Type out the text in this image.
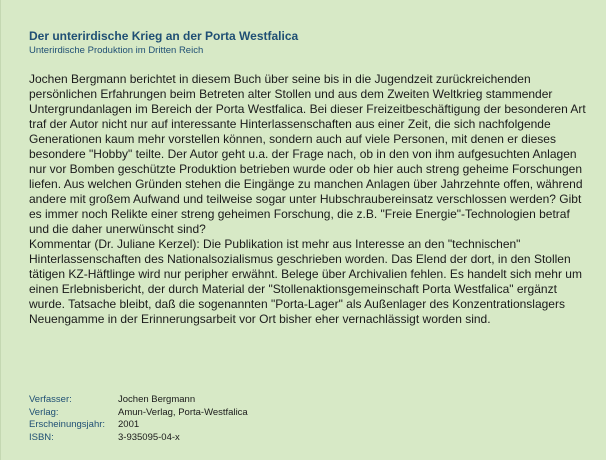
Der unterirdische Krieg an der Porta Westfalica
Unterirdische Produktion im Dritten Reich

Jochen Bergmann berichtet in diesem Buch über seine bis in die Jugendzeit zurückreichenden persönlichen Erfahrungen beim Betreten alter Stollen und aus dem Zweiten Weltkrieg stammender Untergrundanlagen im Bereich der Porta Westfalica. Bei dieser Freizeitbeschäftigung der besonderen Art traf der Autor nicht nur auf interessante Hinterlassenschaften aus einer Zeit, die sich nachfolgende Generationen kaum mehr vorstellen können, sondern auch auf viele Personen, mit denen er dieses besondere "Hobby" teilte. Der Autor geht u.a. der Frage nach, ob in den von ihm aufgesuchten Anlagen nur vor Bomben geschützte Produktion betrieben wurde oder ob hier auch streng geheime Forschungen liefen. Aus welchen Gründen stehen die Eingänge zu manchen Anlagen über Jahrzehnte offen, während andere mit großem Aufwand und teilweise sogar unter Hubschraubereinsatz verschlossen werden? Gibt es immer noch Relikte einer streng geheimen Forschung, die z.B. "Freie Energie"-Technologien betraf und die daher unerwünscht sind?

Kommentar (Dr. Juliane Kerzel): Die Publikation ist mehr aus Interesse an den "technischen" Hinterlassenschaften des Nationalsozialismus geschrieben worden. Das Elend der dort, in den Stollen tätigen KZ-Häftlinge wird nur peripher erwähnt. Belege über Archivalien fehlen. Es handelt sich mehr um einen Erlebnisbericht, der durch Material der "Stollenaktionsgemeinschaft Porta Westfalica" ergänzt wurde. Tatsache bleibt, daß die sogenannten "Porta-Lager" als Außenlager des Konzentrationslagers Neuengamme in der Erinnerungsarbeit vor Ort bisher eher vernachlässigt worden sind.

Verfasser:	Jochen Bergmann
Verlag:	Amun-Verlag, Porta-Westfalica
Erscheinungsjahr:	2001
ISBN:	3-935095-04-x
